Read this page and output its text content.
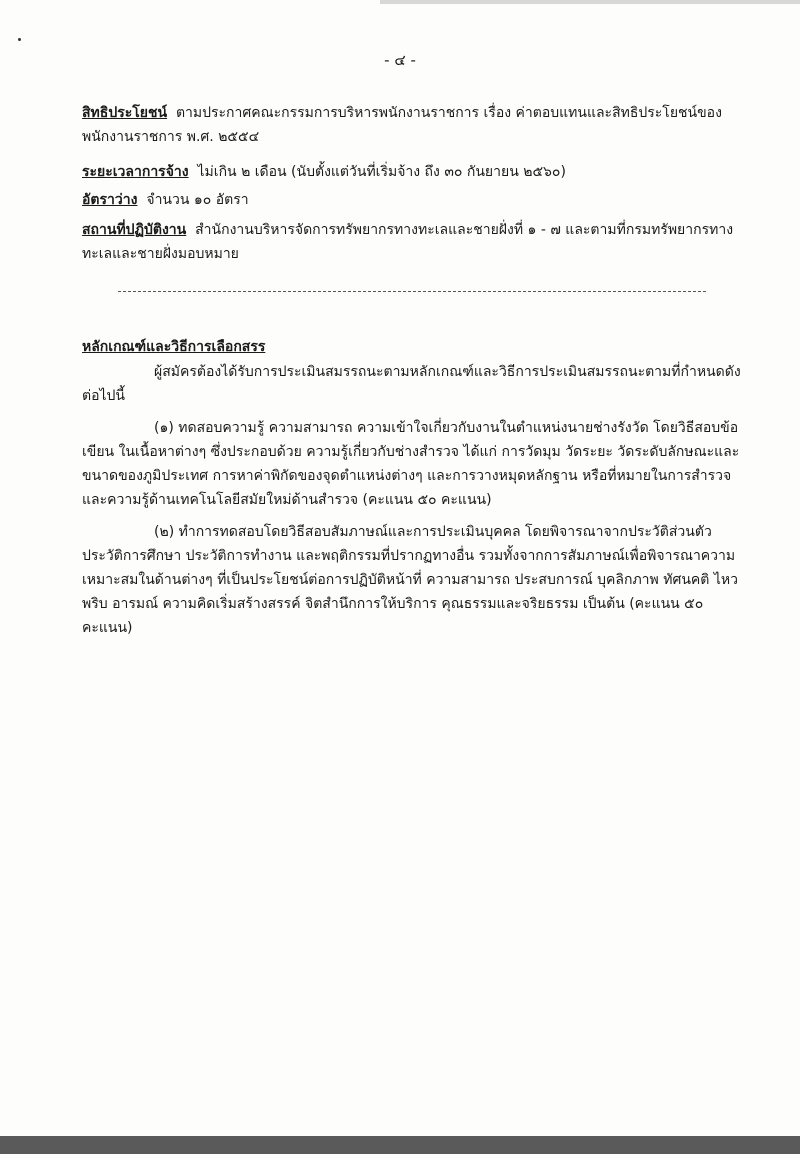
- ๔ -

สิทธิประโยชน์ ตามประกาศคณะกรรมการบริหารพนักงานราชการ เรื่อง ค่าตอบแทนและสิทธิประโยชน์ของพนักงานราชการ พ.ศ. ๒๕๕๔

ระยะเวลาการจ้าง ไม่เกิน ๒ เดือน (นับตั้งแต่วันที่เริ่มจ้าง ถึง ๓๐ กันยายน ๒๕๖๐)

อัตราว่าง จำนวน ๑๐ อัตรา

สถานที่ปฏิบัติงาน สำนักงานบริหารจัดการทรัพยากรทางทะเลและชายฝั่งที่ ๑ - ๗ และตามที่กรมทรัพยากรทางทะเลและชายฝั่งมอบหมาย

หลักเกณฑ์และวิธีการเลือกสรร

ผู้สมัครต้องได้รับการประเมินสมรรถนะตามหลักเกณฑ์และวิธีการประเมินสมรรถนะตามที่กำหนดดังต่อไปนี้

(๑) ทดสอบความรู้ ความสามารถ ความเข้าใจเกี่ยวกับงานในตำแหน่งนายช่างรังวัด โดยวิธีสอบข้อเขียน ในเนื้อหาต่างๆ ซึ่งประกอบด้วย ความรู้เกี่ยวกับช่างสำรวจ ได้แก่ การวัดมุม วัดระยะ วัดระดับลักษณะและขนาดของภูมิประเทศ การหาค่าพิกัดของจุดตำแหน่งต่างๆ และการวางหมุดหลักฐาน หรือที่หมายในการสำรวจ และความรู้ด้านเทคโนโลยีสมัยใหม่ด้านสำรวจ (คะแนน ๕๐ คะแนน)

(๒) ทำการทดสอบโดยวิธีสอบสัมภาษณ์และการประเมินบุคคล โดยพิจารณาจากประวัติส่วนตัว ประวัติการศึกษา ประวัติการทำงาน และพฤติกรรมที่ปรากฏทางอื่น รวมทั้งจากการสัมภาษณ์เพื่อพิจารณาความเหมาะสมในด้านต่างๆ ที่เป็นประโยชน์ต่อการปฏิบัติหน้าที่ ความสามารถ ประสบการณ์ บุคลิกภาพ ทัศนคติ ไหวพริบ อารมณ์ ความคิดเริ่มสร้างสรรค์ จิตสำนึกการให้บริการ คุณธรรมและจริยธรรม เป็นต้น (คะแนน ๕๐ คะแนน)
